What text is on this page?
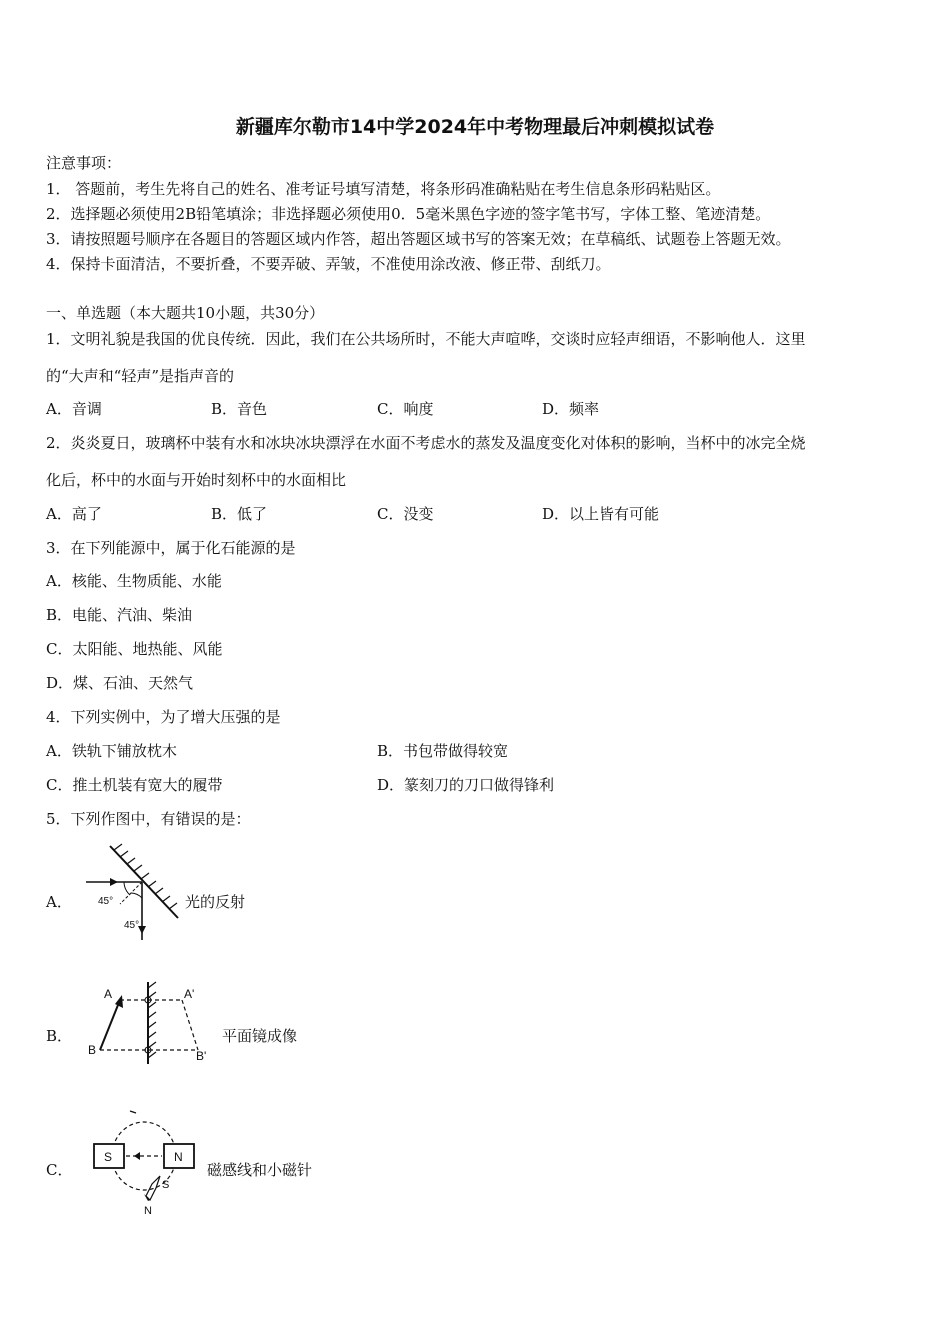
新疆库尔勒市14中学2024年中考物理最后冲刺模拟试卷
注意事项：
1． 答题前，考生先将自己的姓名、准考证号填写清楚，将条形码准确粘贴在考生信息条形码粘贴区。
2．选择题必须使用2B铅笔填涂；非选择题必须使用0．5毫米黑色字迹的签字笔书写，字体工整、笔迹清楚。
3．请按照题号顺序在各题目的答题区域内作答，超出答题区域书写的答案无效；在草稿纸、试题卷上答题无效。
4．保持卡面清洁，不要折叠，不要弄破、弄皱，不准使用涂改液、修正带、刮纸刀。
一、单选题（本大题共10小题，共30分）
1．文明礼貌是我国的优良传统．因此，我们在公共场所时，不能大声喧哗，交谈时应轻声细语，不影响他人．这里
的“大声和“轻声”是指声音的
A．音调	B．音色	C．响度	D．频率
2．炎炎夏日，玻璃杯中装有水和冰块冰块漂浮在水面不考虑水的蒸发及温度变化对体积的影响，当杯中的冰完全烧
化后，杯中的水面与开始时刻杯中的水面相比
A．高了	B．低了	C．没变	D．以上皆有可能
3．在下列能源中，属于化石能源的是
A．核能、生物质能、水能
B．电能、汽油、柴油
C．太阳能、地热能、风能
D．煤、石油、天然气
4．下列实例中，为了增大压强的是
A．铁轨下铺放枕木	B．书包带做得较宽
C．推土机装有宽大的履带	D．篆刻刀的刀口做得锋利
5．下列作图中，有错误的是：
A．	45°
45°
光的反射
B．
A
B
A'
B'
平面镜成像
C．
S	N
S
N
磁感线和小磁针
